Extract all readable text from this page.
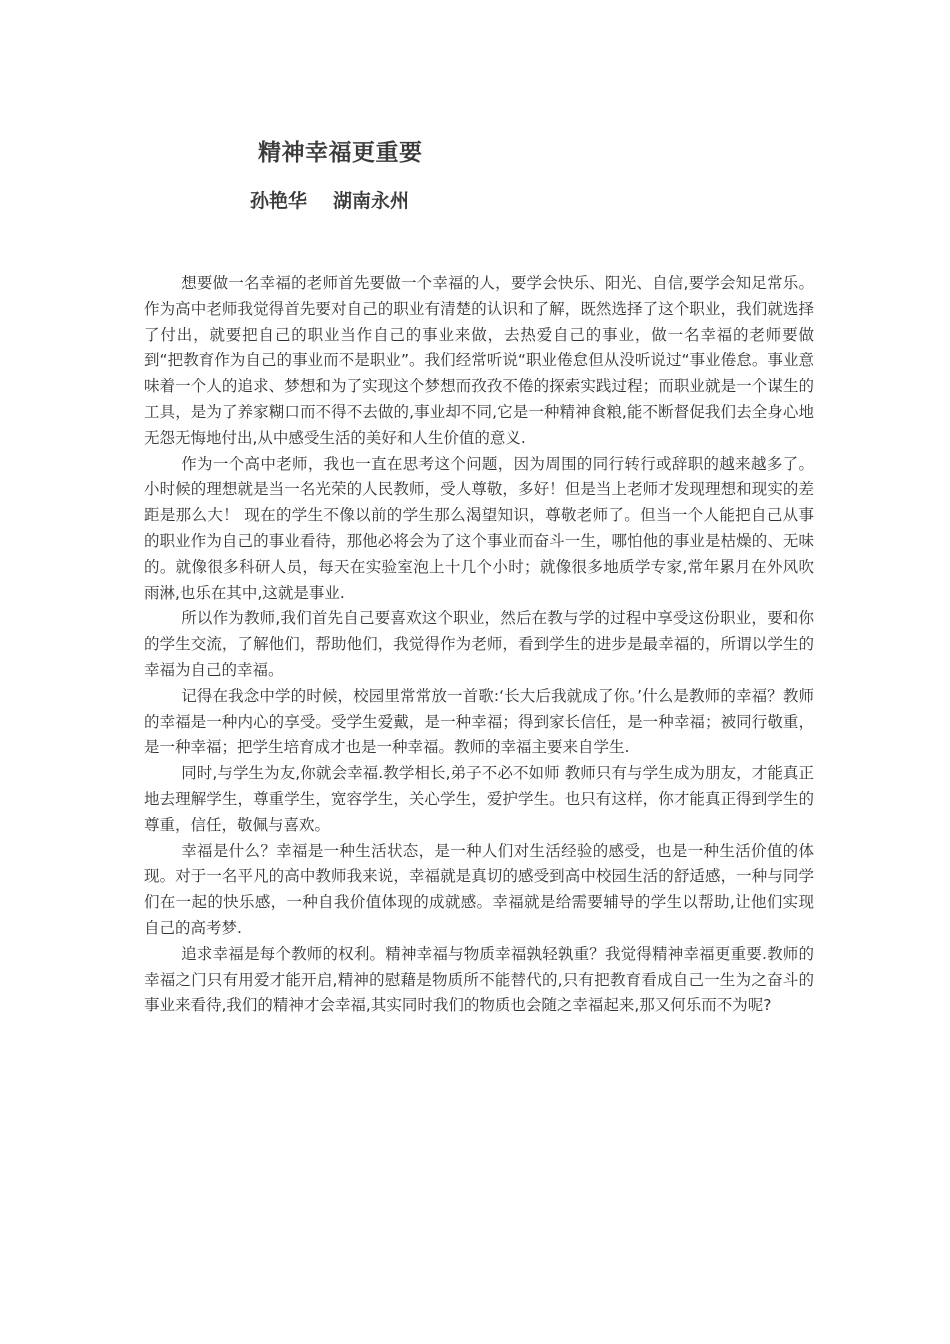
精神幸福更重要
孙艳华 湖南永州

想要做一名幸福的老师首先要做一个幸福的人，要学会快乐、阳光、自信,要学会知足常乐。作为高中老师我觉得首先要对自己的职业有清楚的认识和了解，既然选择了这个职业，我们就选择了付出，就要把自己的职业当作自己的事业来做，去热爱自己的事业，做一名幸福的老师要做到“把教育作为自己的事业而不是职业”。我们经常听说“职业倦怠但从没听说过“事业倦怠。事业意味着一个人的追求、梦想和为了实现这个梦想而孜孜不倦的探索实践过程；而职业就是一个谋生的工具，是为了养家糊口而不得不去做的,事业却不同,它是一种精神食粮,能不断督促我们去全身心地无怨无悔地付出,从中感受生活的美好和人生价值的意义.

作为一个高中老师，我也一直在思考这个问题，因为周围的同行转行或辞职的越来越多了。小时候的理想就是当一名光荣的人民教师，受人尊敬，多好！但是当上老师才发现理想和现实的差距是那么大！ 现在的学生不像以前的学生那么渴望知识，尊敬老师了。但当一个人能把自己从事的职业作为自己的事业看待，那他必将会为了这个事业而奋斗一生，哪怕他的事业是枯燥的、无味的。就像很多科研人员，每天在实验室泡上十几个小时；就像很多地质学专家,常年累月在外风吹雨淋,也乐在其中,这就是事业.

所以作为教师,我们首先自己要喜欢这个职业，然后在教与学的过程中享受这份职业，要和你的学生交流，了解他们，帮助他们，我觉得作为老师，看到学生的进步是最幸福的，所谓以学生的幸福为自己的幸福。

记得在我念中学的时候，校园里常常放一首歌:‘长大后我就成了你。’什么是教师的幸福？教师的幸福是一种内心的享受。受学生爱戴，是一种幸福；得到家长信任，是一种幸福；被同行敬重，是一种幸福；把学生培育成才也是一种幸福。教师的幸福主要来自学生.

同时,与学生为友,你就会幸福.教学相长,弟子不必不如师 教师只有与学生成为朋友，才能真正地去理解学生，尊重学生，宽容学生，关心学生，爱护学生。也只有这样，你才能真正得到学生的尊重，信任，敬佩与喜欢。

幸福是什么？幸福是一种生活状态，是一种人们对生活经验的感受，也是一种生活价值的体现。对于一名平凡的高中教师我来说，幸福就是真切的感受到高中校园生活的舒适感，一种与同学们在一起的快乐感，一种自我价值体现的成就感。幸福就是给需要辅导的学生以帮助,让他们实现自己的高考梦.

追求幸福是每个教师的权利。精神幸福与物质幸福孰轻孰重？我觉得精神幸福更重要.教师的幸福之门只有用爱才能开启,精神的慰藉是物质所不能替代的,只有把教育看成自己一生为之奋斗的事业来看待,我们的精神才会幸福,其实同时我们的物质也会随之幸福起来,那又何乐而不为呢?
